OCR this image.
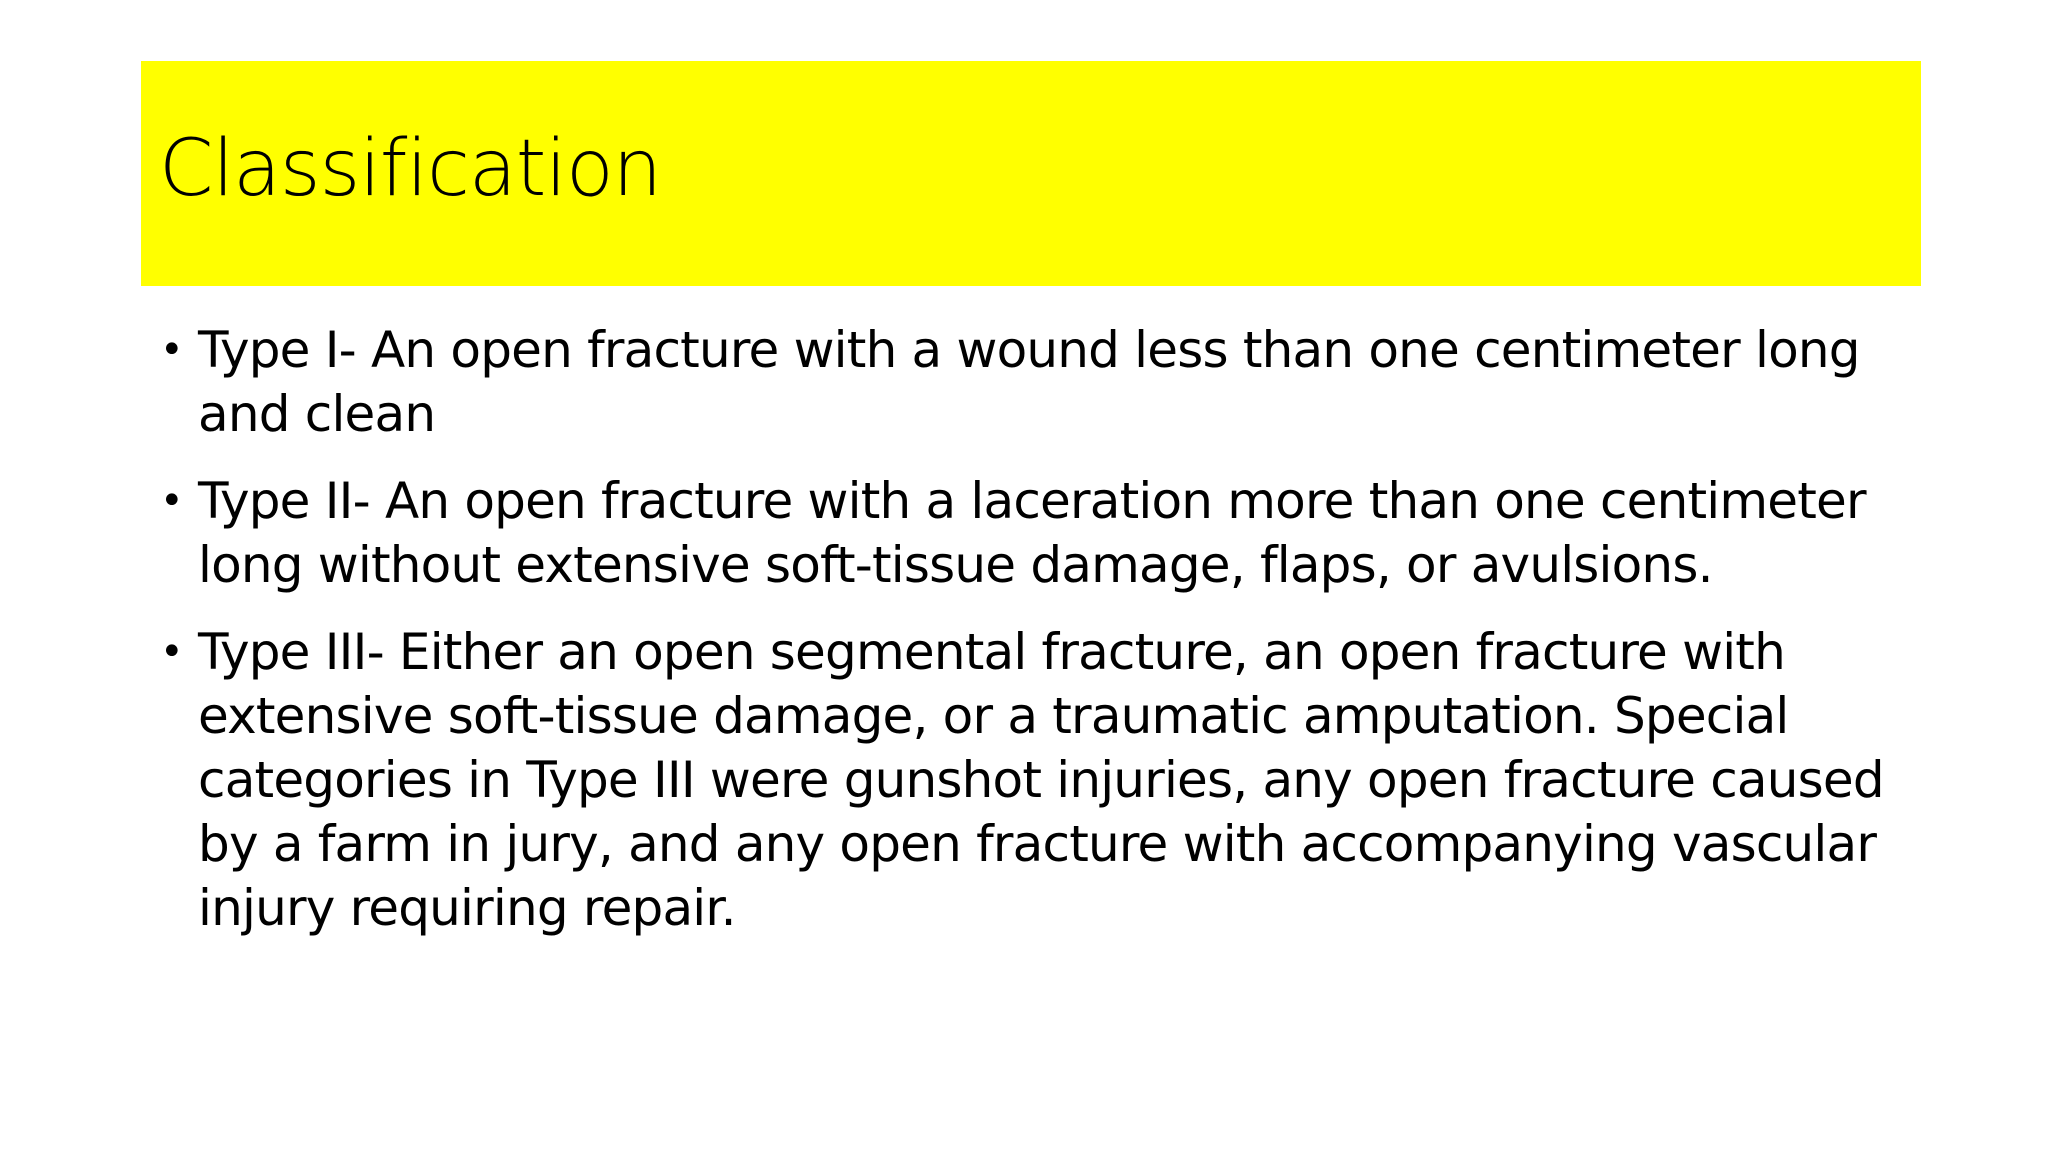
Classification
• Type I- An open fracture with a wound less than one centimeter long and clean
• Type II- An open fracture with a laceration more than one centimeter long without extensive soft-tissue damage, flaps, or avulsions.
• Type III- Either an open segmental fracture, an open fracture with extensive soft-tissue damage, or a traumatic amputation. Special categories in Type III were gunshot injuries, any open fracture caused by a farm in jury, and any open fracture with accompanying vascular injury requiring repair.
